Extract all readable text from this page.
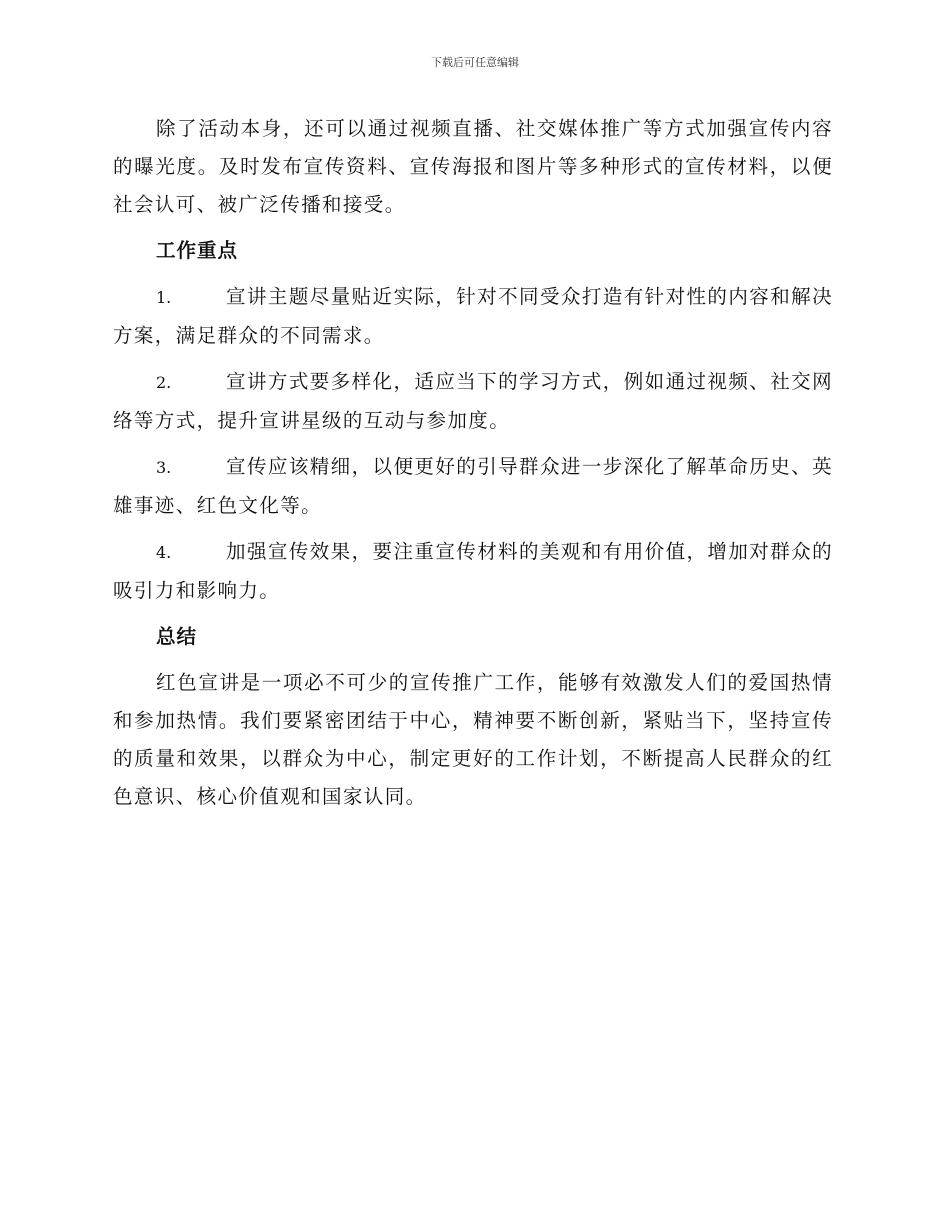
下载后可任意编辑

除了活动本身，还可以通过视频直播、社交媒体推广等方式加强宣传内容的曝光度。及时发布宣传资料、宣传海报和图片等多种形式的宣传材料，以便社会认可、被广泛传播和接受。

工作重点

1.	宣讲主题尽量贴近实际，针对不同受众打造有针对性的内容和解决方案，满足群众的不同需求。

2.	宣讲方式要多样化，适应当下的学习方式，例如通过视频、社交网络等方式，提升宣讲星级的互动与参加度。

3.	宣传应该精细，以便更好的引导群众进一步深化了解革命历史、英雄事迹、红色文化等。

4.	加强宣传效果，要注重宣传材料的美观和有用价值，增加对群众的吸引力和影响力。

总结

红色宣讲是一项必不可少的宣传推广工作，能够有效激发人们的爱国热情和参加热情。我们要紧密团结于中心，精神要不断创新，紧贴当下，坚持宣传的质量和效果，以群众为中心，制定更好的工作计划，不断提高人民群众的红色意识、核心价值观和国家认同。
